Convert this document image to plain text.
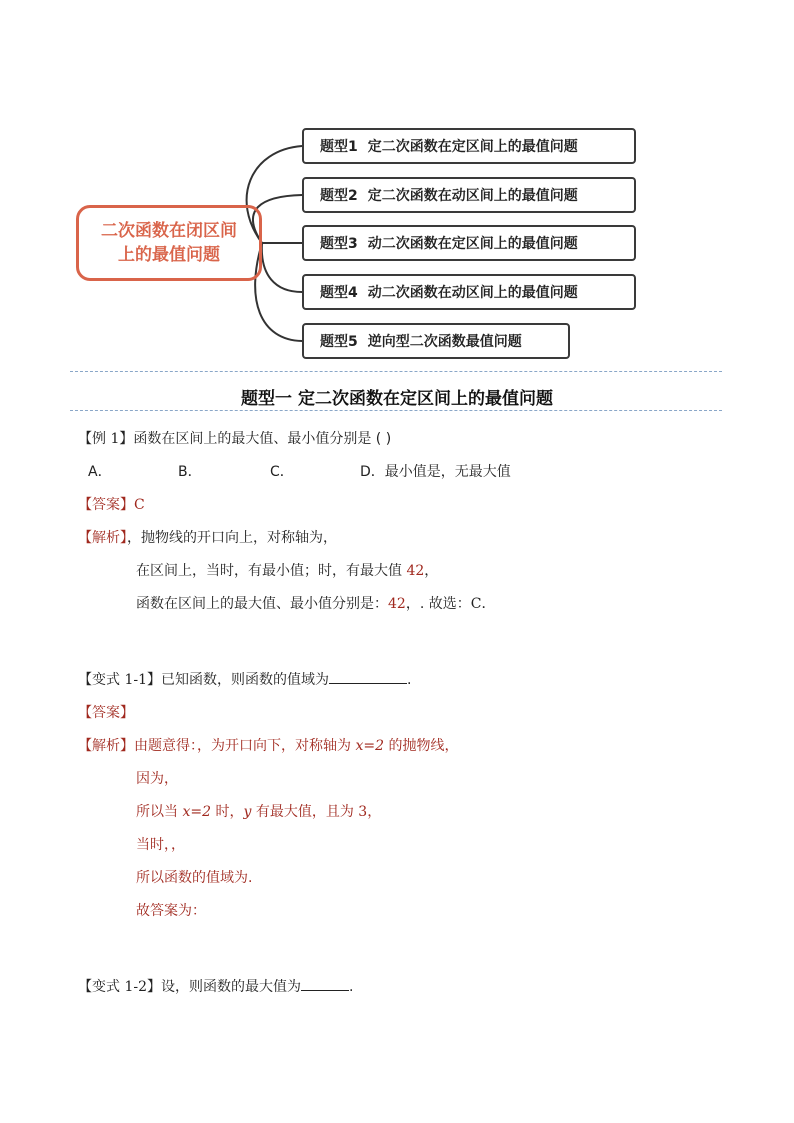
二次函数在闭区间
上的最值问题
题型1 定二次函数在定区间上的最值问题
题型2 定二次函数在动区间上的最值问题
题型3 动二次函数在定区间上的最值问题
题型4 动二次函数在动区间上的最值问题
题型5 逆向型二次函数最值问题
题型一 定二次函数在定区间上的最值问题
【例 1】函数在区间上的最大值、最小值分别是 ( )
A．	B．	C．	D．最小值是，无最大值
【答案】C
【解析】，抛物线的开口向上，对称轴为，
在区间上，当时，有最小值；时，有最大值 42，
函数在区间上的最大值、最小值分别是：42，. 故选：C．
【变式 1-1】已知函数，则函数的值域为	.
【答案】
【解析】由题意得：，为开口向下，对称轴为 x=2 的抛物线，
因为，
所以当 x=2 时，y 有最大值，且为 3，
当时，，
所以函数的值域为.
故答案为：
【变式 1-2】设，则函数的最大值为	.
